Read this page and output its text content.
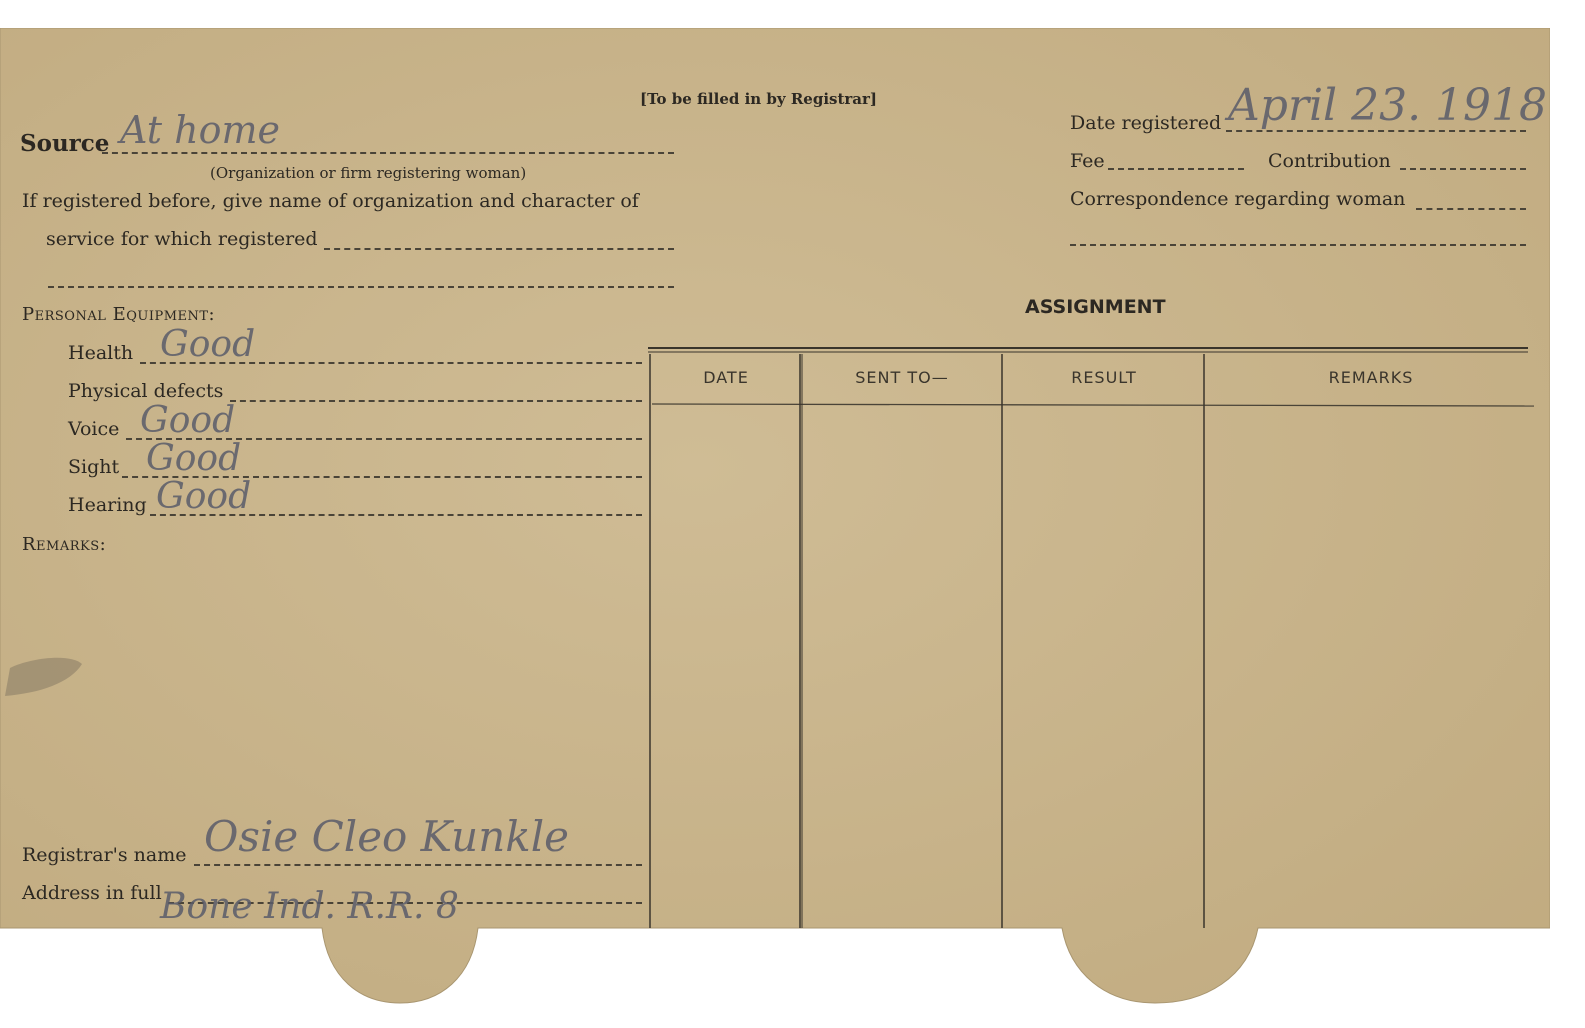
[To be filled in by Registrar]
Source At home
(Organization or firm registering woman)
If registered before, give name of organization and character of
service for which registered
Date registered April 23. 1918
Fee	Contribution
Correspondence regarding woman
Personal Equipment:
Health Good
Physical defects
Voice Good
Sight Good
Hearing Good
Remarks:
Registrar's name Osie Cleo Kunkle
Address in full
Bone Ind. R.R. 8
ASSIGNMENT
DATE	SENT TO—	RESULT	REMARKS
